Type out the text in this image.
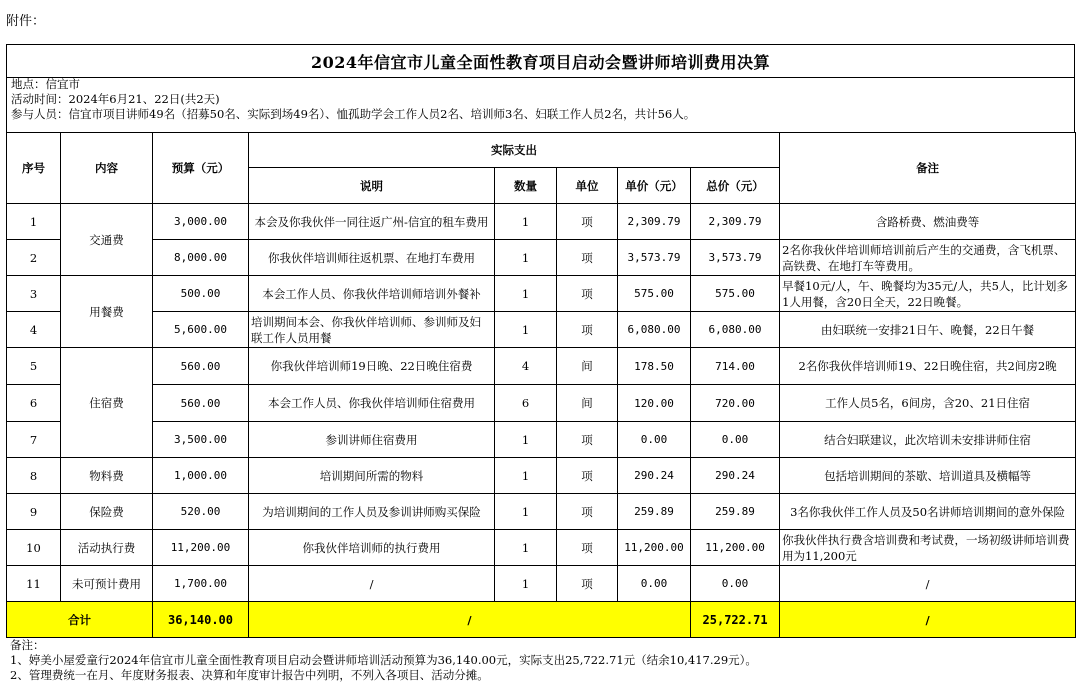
附件：
2024年信宜市儿童全面性教育项目启动会暨讲师培训费用决算
地点：信宜市
活动时间：2024年6月21、22日(共2天)
参与人员：信宜市项目讲师49名（招募50名、实际到场49名）、恤孤助学会工作人员2名、培训师3名、妇联工作人员2名，共计56人。
序号	内容	预算（元）	实际支出					备注
			说明	数量	单位	单价（元）	总价（元）	
1	交通费	3,000.00	本会及你我伙伴一同往返广州-信宜的租车费用	1	项	2,309.79	2,309.79	含路桥费、燃油费等
2		8,000.00	你我伙伴培训师往返机票、在地打车费用	1	项	3,573.79	3,573.79	2名你我伙伴培训师培训前后产生的交通费，含飞机票、高铁费、在地打车等费用。
3	用餐费	500.00	本会工作人员、你我伙伴培训师培训外餐补	1	项	575.00	575.00	早餐10元/人，午、晚餐均为35元/人，共5人，比计划多1人用餐，含20日全天，22日晚餐。
4		5,600.00	培训期间本会、你我伙伴培训师、参训师及妇联工作人员用餐	1	项	6,080.00	6,080.00	由妇联统一安排21日午、晚餐，22日午餐
5	住宿费	560.00	你我伙伴培训师19日晚、22日晚住宿费	4	间	178.50	714.00	2名你我伙伴培训师19、22日晚住宿，共2间房2晚
6		560.00	本会工作人员、你我伙伴培训师住宿费用	6	间	120.00	720.00	工作人员5名，6间房，含20、21日住宿
7		3,500.00	参训讲师住宿费用	1	项	0.00	0.00	结合妇联建议，此次培训未安排讲师住宿
8	物料费	1,000.00	培训期间所需的物料	1	项	290.24	290.24	包括培训期间的茶歇、培训道具及横幅等
9	保险费	520.00	为培训期间的工作人员及参训讲师购买保险	1	项	259.89	259.89	3名你我伙伴工作人员及50名讲师培训期间的意外保险
10	活动执行费	11,200.00	你我伙伴培训师的执行费用	1	项	11,200.00	11,200.00	你我伙伴执行费含培训费和考试费，一场初级讲师培训费用为11,200元
11	未可预计费用	1,700.00	/	1	项	0.00	0.00	/
合计		36,140.00	/				25,722.71	/
备注：
1、婷美小屋爱童行2024年信宜市儿童全面性教育项目启动会暨讲师培训活动预算为36,140.00元，实际支出25,722.71元（结余10,417.29元）。
2、管理费统一在月、年度财务报表、决算和年度审计报告中列明，不列入各项目、活动分摊。
